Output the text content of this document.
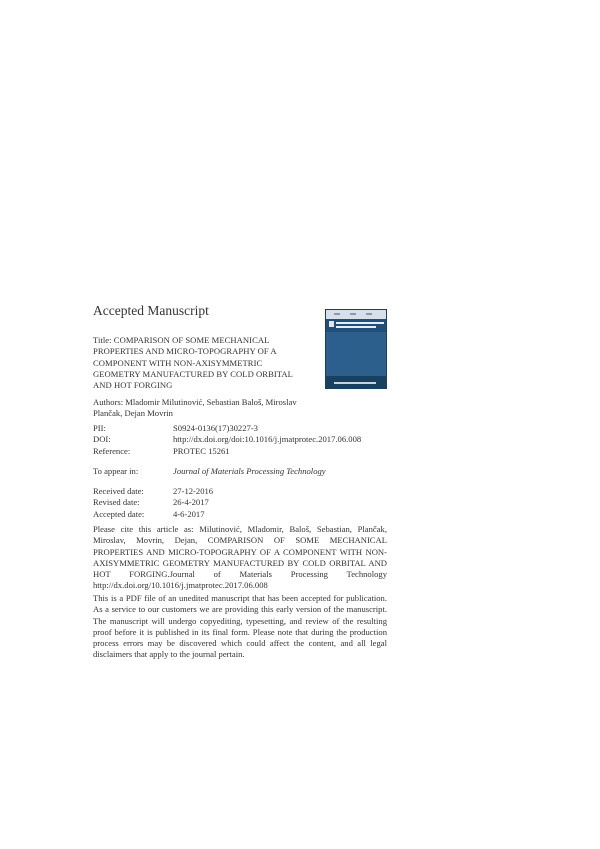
Accepted Manuscript
Title: COMPARISON OF SOME MECHANICAL PROPERTIES AND MICRO-TOPOGRAPHY OF A COMPONENT WITH NON-AXISYMMETRIC GEOMETRY MANUFACTURED BY COLD ORBITAL AND HOT FORGING
Authors: Mladomir Milutinović, Sebastian Baloš, Miroslav Plančak, Dejan Movrin
PII:	S0924-0136(17)30227-3
DOI:	http://dx.doi.org/doi:10.1016/j.jmatprotec.2017.06.008
Reference:	PROTEC 15261
To appear in:	Journal of Materials Processing Technology
Received date:	27-12-2016
Revised date:	26-4-2017
Accepted date:	4-6-2017
Please cite this article as: Milutinović, Mladomir, Baloš, Sebastian, Plančak, Miroslav, Movrin, Dejan, COMPARISON OF SOME MECHANICAL PROPERTIES AND MICRO-TOPOGRAPHY OF A COMPONENT WITH NON-AXISYMMETRIC GEOMETRY MANUFACTURED BY COLD ORBITAL AND HOT FORGING.Journal of Materials Processing Technology http://dx.doi.org/10.1016/j.jmatprotec.2017.06.008
This is a PDF file of an unedited manuscript that has been accepted for publication. As a service to our customers we are providing this early version of the manuscript. The manuscript will undergo copyediting, typesetting, and review of the resulting proof before it is published in its final form. Please note that during the production process errors may be discovered which could affect the content, and all legal disclaimers that apply to the journal pertain.
